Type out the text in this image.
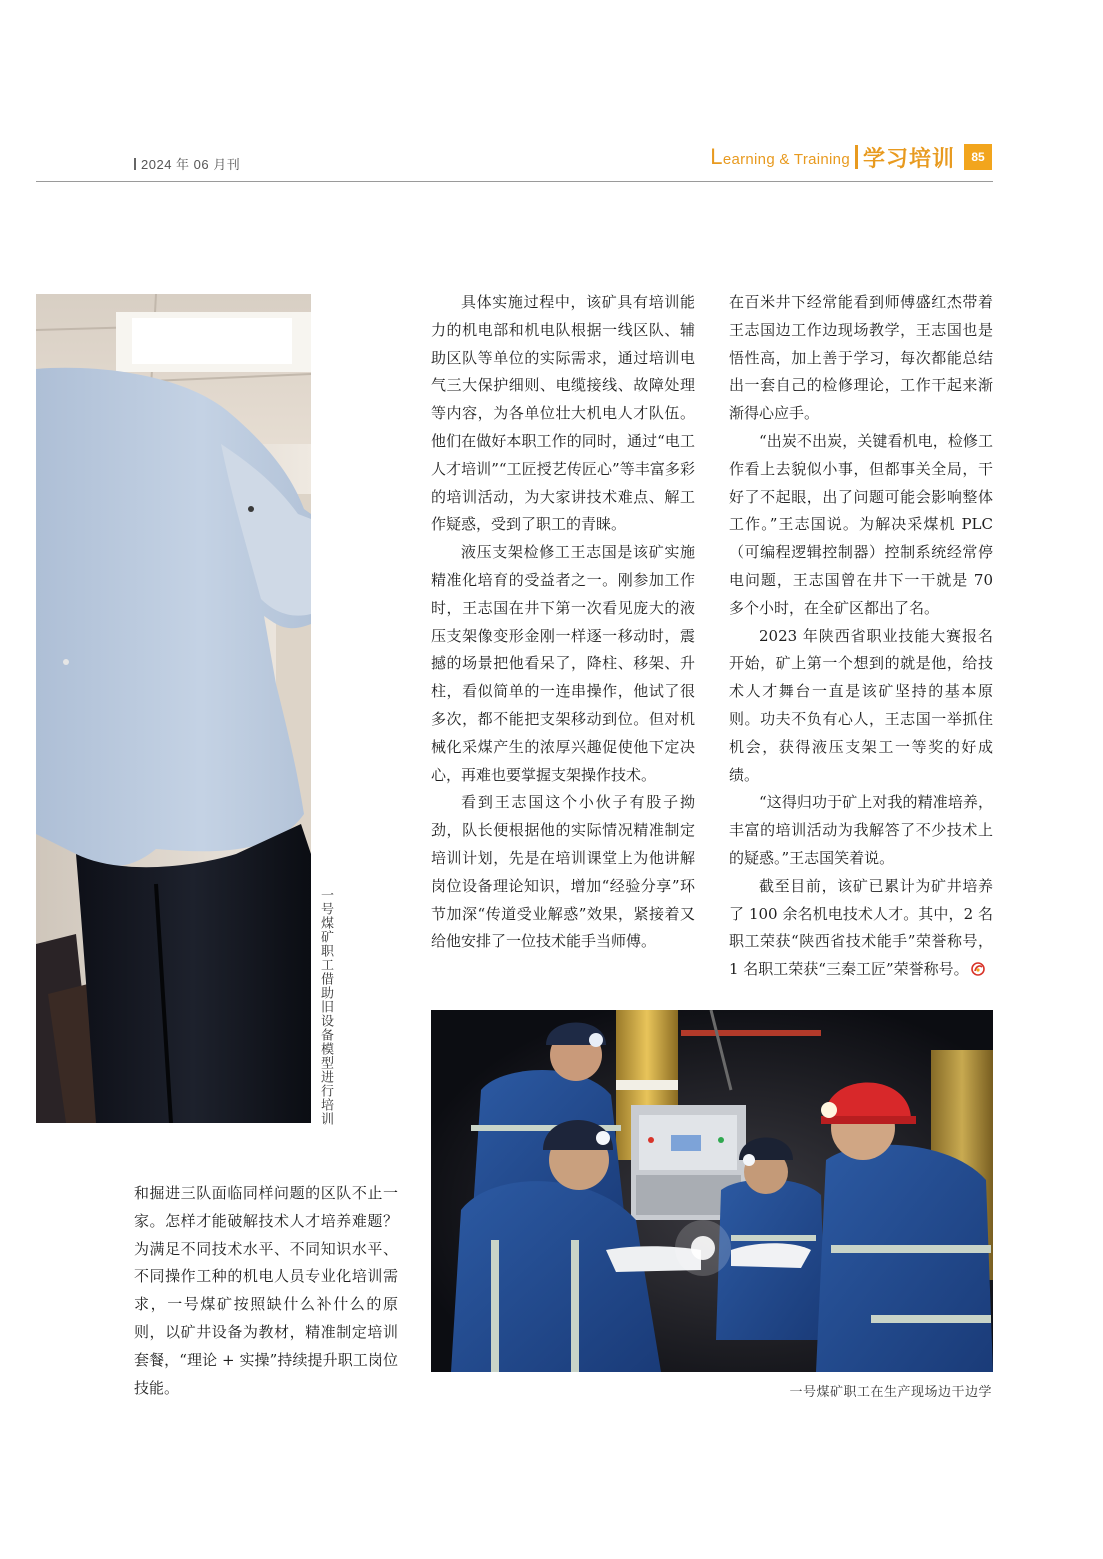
2024 年 06 月刊	Learning & Training 学习培训	85
一号煤矿职工借助旧设备模型进行培训

具体实施过程中，该矿具有培训能力的机电部和机电队根据一线区队、辅助区队等单位的实际需求，通过培训电气三大保护细则、电缆接线、故障处理等内容，为各单位壮大机电人才队伍。他们在做好本职工作的同时，通过“电工人才培训”“工匠授艺传匠心”等丰富多彩的培训活动，为大家讲技术难点、解工作疑惑，受到了职工的青睐。

液压支架检修工王志国是该矿实施精准化培育的受益者之一。刚参加工作时，王志国在井下第一次看见庞大的液压支架像变形金刚一样逐一移动时，震撼的场景把他看呆了，降柱、移架、升柱，看似简单的一连串操作，他试了很多次，都不能把支架移动到位。但对机械化采煤产生的浓厚兴趣促使他下定决心，再难也要掌握支架操作技术。

看到王志国这个小伙子有股子拗劲，队长便根据他的实际情况精准制定培训计划，先是在培训课堂上为他讲解岗位设备理论知识，增加“经验分享”环节加深“传道受业解惑”效果，紧接着又给他安排了一位技术能手当师傅。

在百米井下经常能看到师傅盛红杰带着王志国边工作边现场教学，王志国也是悟性高，加上善于学习，每次都能总结出一套自己的检修理论，工作干起来渐渐得心应手。

“出炭不出炭，关键看机电，检修工作看上去貌似小事，但都事关全局，干好了不起眼，出了问题可能会影响整体工作。”王志国说。为解决采煤机 PLC（可编程逻辑控制器）控制系统经常停电问题，王志国曾在井下一干就是 70 多个小时，在全矿区都出了名。

2023 年陕西省职业技能大赛报名开始，矿上第一个想到的就是他，给技术人才舞台一直是该矿坚持的基本原则。功夫不负有心人，王志国一举抓住机会，获得液压支架工一等奖的好成绩。

“这得归功于矿上对我的精准培养，丰富的培训活动为我解答了不少技术上的疑惑。”王志国笑着说。

截至目前，该矿已累计为矿井培养了 100 余名机电技术人才。其中，2 名职工荣获“陕西省技术能手”荣誉称号，1 名职工荣获“三秦工匠”荣誉称号。

和掘进三队面临同样问题的区队不止一家。怎样才能破解技术人才培养难题？为满足不同技术水平、不同知识水平、不同操作工种的机电人员专业化培训需求，一号煤矿按照缺什么补什么的原则，以矿井设备为教材，精准制定培训套餐，“理论 + 实操”持续提升职工岗位技能。	一号煤矿职工在生产现场边干边学
